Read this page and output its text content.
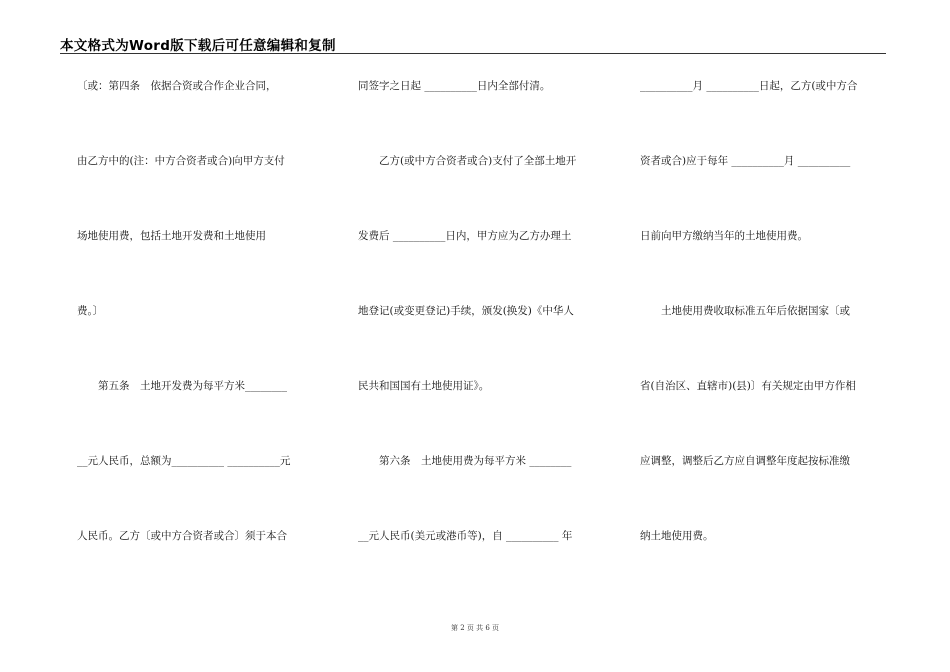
本文格式为Word版下载后可任意编辑和复制
〔或：第四条　依据合资或合作企业合同，
由乙方中的(注：中方合资者或合)向甲方支付
场地使用费，包括土地开发费和土地使用
费。〕
　　第五条　土地开发费为每平方米________
__元人民币，总额为__________ __________元
人民币。乙方〔或中方合资者或合〕须于本合
同签字之日起 __________日内全部付清。
　　乙方(或中方合资者或合)支付了全部土地开
发费后 __________日内，甲方应为乙方办理土
地登记(或变更登记)手续，颁发(换发)《中华人
民共和国国有土地使用证》。
　　第六条　土地使用费为每平方米 ________
__元人民币(美元或港币等)，自 __________ 年
__________月 __________日起，乙方(或中方合
资者或合)应于每年 __________月 __________
日前向甲方缴纳当年的土地使用费。
　　土地使用费收取标准五年后依据国家〔或
省(自治区、直辖市)(县)〕有关规定由甲方作相
应调整，调整后乙方应自调整年度起按标准缴
纳土地使用费。
第 2 页 共 6 页
